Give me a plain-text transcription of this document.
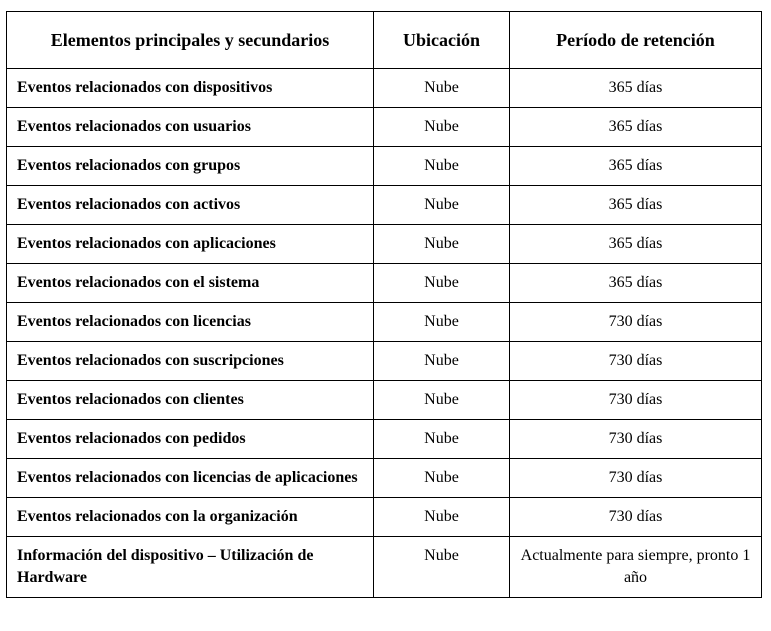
Elementos principales y secundarios	Ubicación	Período de retención
Eventos relacionados con dispositivos	Nube	365 días
Eventos relacionados con usuarios	Nube	365 días
Eventos relacionados con grupos	Nube	365 días
Eventos relacionados con activos	Nube	365 días
Eventos relacionados con aplicaciones	Nube	365 días
Eventos relacionados con el sistema	Nube	365 días
Eventos relacionados con licencias	Nube	730 días
Eventos relacionados con suscripciones	Nube	730 días
Eventos relacionados con clientes	Nube	730 días
Eventos relacionados con pedidos	Nube	730 días
Eventos relacionados con licencias de aplicaciones	Nube	730 días
Eventos relacionados con la organización	Nube	730 días
Información del dispositivo – Utilización de Hardware	Nube	Actualmente para siempre, pronto 1 año
